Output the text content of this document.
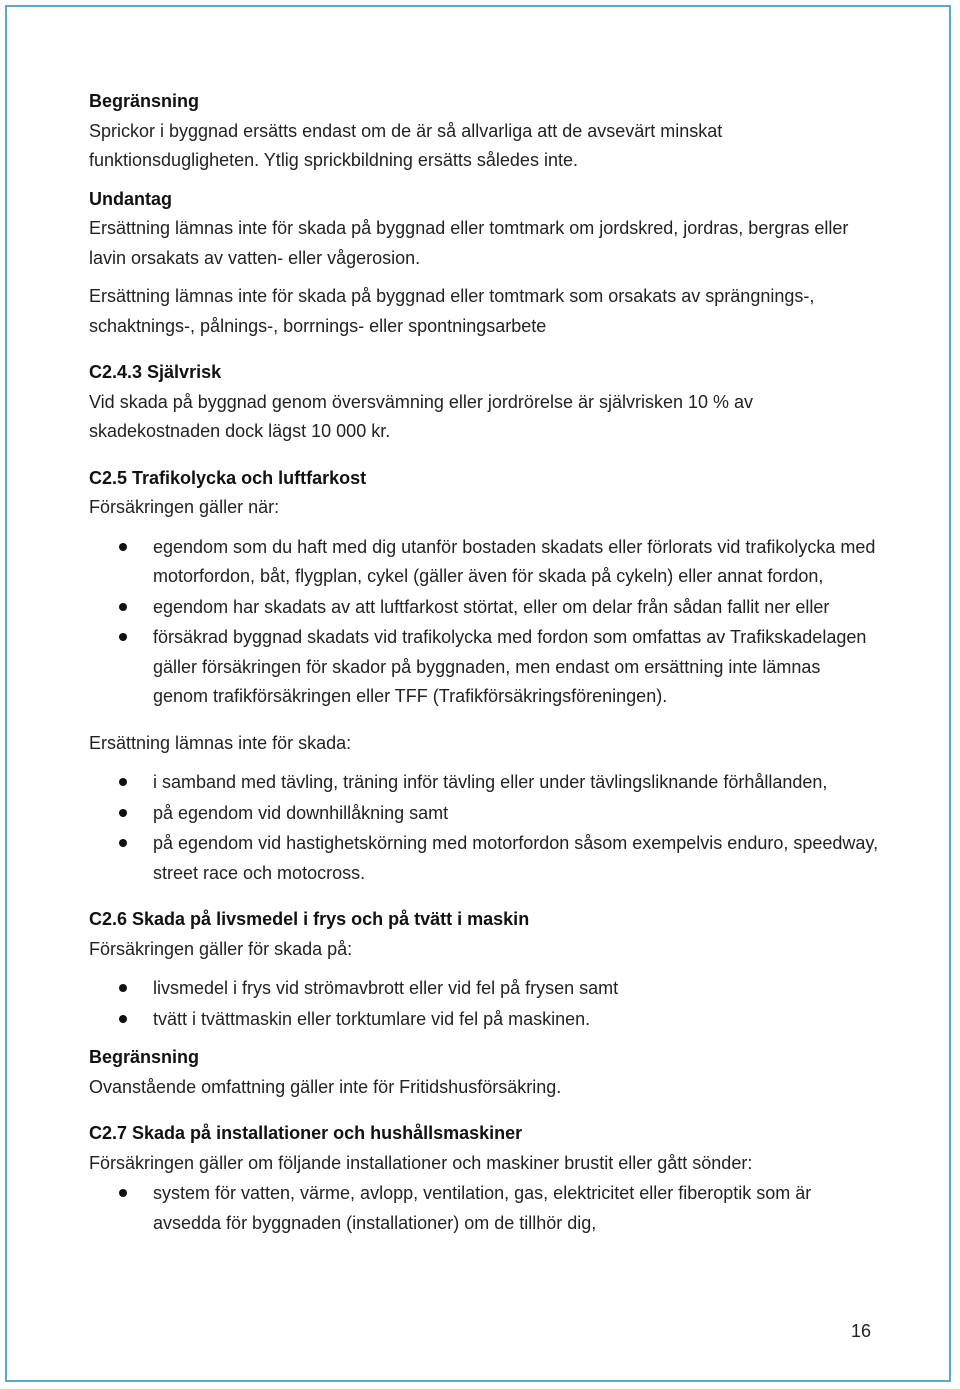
Begränsning

Sprickor i byggnad ersätts endast om de är så allvarliga att de avsevärt minskat funktionsdugligheten. Ytlig sprickbildning ersätts således inte.

Undantag

Ersättning lämnas inte för skada på byggnad eller tomtmark om jordskred, jordras, bergras eller lavin orsakats av vatten- eller vågerosion.

Ersättning lämnas inte för skada på byggnad eller tomtmark som orsakats av sprängnings-, schaktnings-, pålnings-, borrnings- eller spontningsarbete

C2.4.3 Självrisk

Vid skada på byggnad genom översvämning eller jordrörelse är självrisken 10 % av skadekostnaden dock lägst 10 000 kr.

C2.5 Trafikolycka och luftfarkost

Försäkringen gäller när:

egendom som du haft med dig utanför bostaden skadats eller förlorats vid trafikolycka med motorfordon, båt, flygplan, cykel (gäller även för skada på cykeln) eller annat fordon,
egendom har skadats av att luftfarkost störtat, eller om delar från sådan fallit ner eller
försäkrad byggnad skadats vid trafikolycka med fordon som omfattas av Trafikskadelagen gäller försäkringen för skador på byggnaden, men endast om ersättning inte lämnas genom trafikförsäkringen eller TFF (Trafikförsäkringsföreningen).

Ersättning lämnas inte för skada:

i samband med tävling, träning inför tävling eller under tävlingsliknande förhållanden,
på egendom vid downhillåkning samt
på egendom vid hastighetskörning med motorfordon såsom exempelvis enduro, speedway, street race och motocross.

C2.6 Skada på livsmedel i frys och på tvätt i maskin

Försäkringen gäller för skada på:

livsmedel i frys vid strömavbrott eller vid fel på frysen samt
tvätt i tvättmaskin eller torktumlare vid fel på maskinen.

Begränsning

Ovanstående omfattning gäller inte för Fritidshusförsäkring.

C2.7 Skada på installationer och hushållsmaskiner

Försäkringen gäller om följande installationer och maskiner brustit eller gått sönder:

system för vatten, värme, avlopp, ventilation, gas, elektricitet eller fiberoptik som är avsedda för byggnaden (installationer) om de tillhör dig,
16
